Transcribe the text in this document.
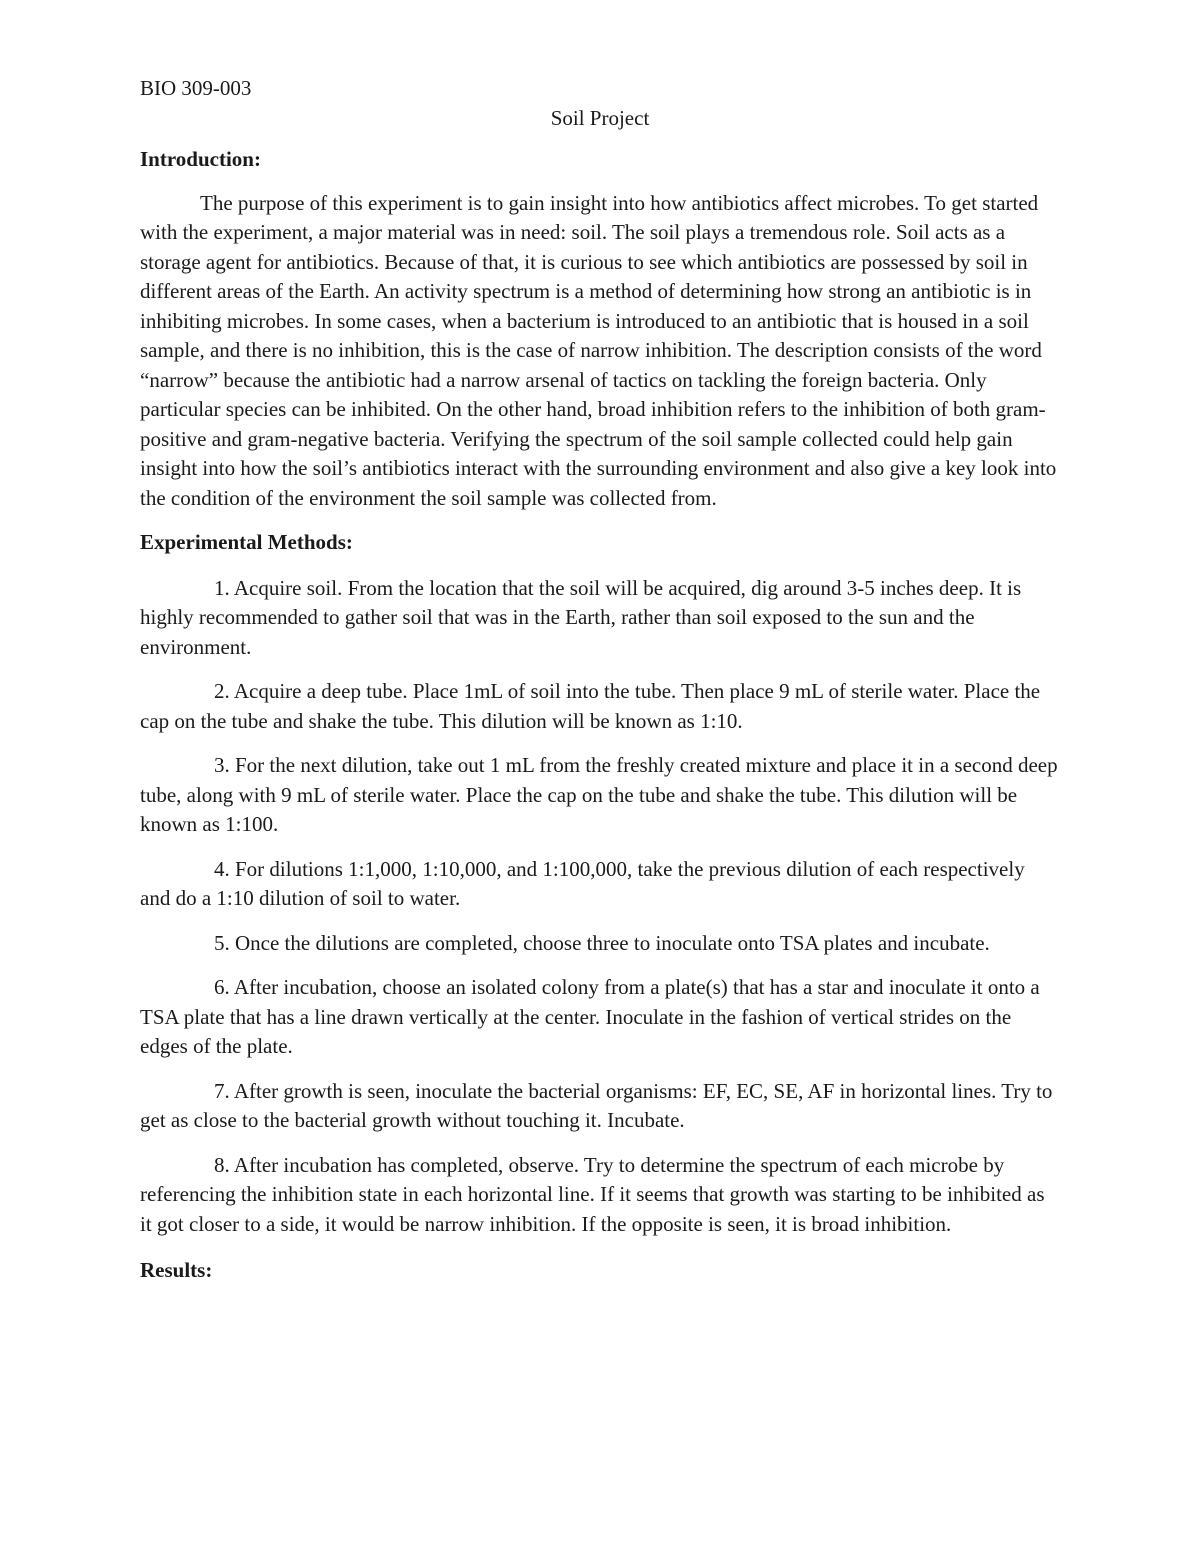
BIO 309-003

Soil Project

Introduction:

The purpose of this experiment is to gain insight into how antibiotics affect microbes. To get started with the experiment, a major material was in need: soil. The soil plays a tremendous role. Soil acts as a storage agent for antibiotics. Because of that, it is curious to see which antibiotics are possessed by soil in different areas of the Earth. An activity spectrum is a method of determining how strong an antibiotic is in inhibiting microbes. In some cases, when a bacterium is introduced to an antibiotic that is housed in a soil sample, and there is no inhibition, this is the case of narrow inhibition. The description consists of the word “narrow” because the antibiotic had a narrow arsenal of tactics on tackling the foreign bacteria. Only particular species can be inhibited. On the other hand, broad inhibition refers to the inhibition of both gram-positive and gram-negative bacteria. Verifying the spectrum of the soil sample collected could help gain insight into how the soil’s antibiotics interact with the surrounding environment and also give a key look into the condition of the environment the soil sample was collected from.

Experimental Methods:

1. Acquire soil. From the location that the soil will be acquired, dig around 3-5 inches deep. It is highly recommended to gather soil that was in the Earth, rather than soil exposed to the sun and the environment.

2. Acquire a deep tube. Place 1mL of soil into the tube. Then place 9 mL of sterile water. Place the cap on the tube and shake the tube. This dilution will be known as 1:10.

3. For the next dilution, take out 1 mL from the freshly created mixture and place it in a second deep tube, along with 9 mL of sterile water. Place the cap on the tube and shake the tube. This dilution will be known as 1:100.

4. For dilutions 1:1,000, 1:10,000, and 1:100,000, take the previous dilution of each respectively and do a 1:10 dilution of soil to water.

5. Once the dilutions are completed, choose three to inoculate onto TSA plates and incubate.

6. After incubation, choose an isolated colony from a plate(s) that has a star and inoculate it onto a TSA plate that has a line drawn vertically at the center. Inoculate in the fashion of vertical strides on the edges of the plate.

7. After growth is seen, inoculate the bacterial organisms: EF, EC, SE, AF in horizontal lines. Try to get as close to the bacterial growth without touching it. Incubate.

8. After incubation has completed, observe. Try to determine the spectrum of each microbe by referencing the inhibition state in each horizontal line. If it seems that growth was starting to be inhibited as it got closer to a side, it would be narrow inhibition. If the opposite is seen, it is broad inhibition.

Results:
